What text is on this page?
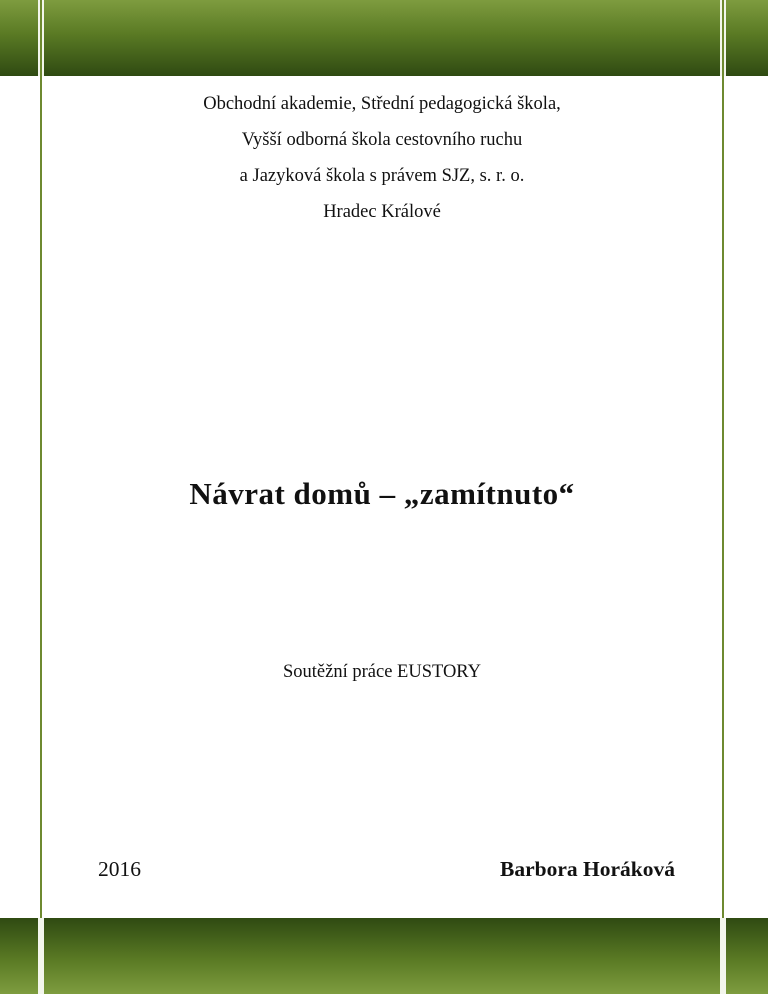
Obchodní akademie, Střední pedagogická škola,
Vyšší odborná škola cestovního ruchu
a Jazyková škola s právem SJZ, s. r. o.
Hradec Králové
Návrat domů – „zamítnuto“
Soutěžní práce EUSTORY
2016	Barbora Horáková
